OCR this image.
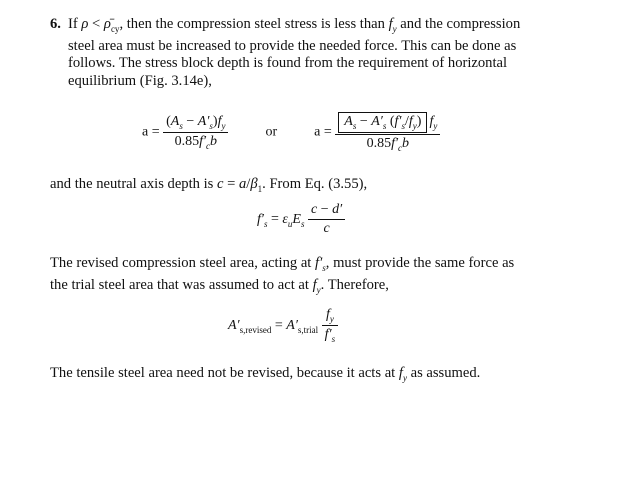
6. If $\rho < \rhō_{cy}$, then the compression steel stress is less than $f_y$ and the compression
steel area must be increased to provide the needed force. This can be done as
follows. The stress block depth is found from the requirement of horizontal
equilibrium (Fig. 3.14e),
$a = \frac{(A_s - A'_s)f_y}{0.85f'_cb}$	or	$a = \frac{A_s - A'_s (f'_s/f_y) f_y}{0.85f'_cb}$
and the neutral axis depth is $c = a/\beta_1$. From Eq. (3.55),
$f'_s = \varepsilon_uE_s \frac{c - d'}{c}$
The revised compression steel area, acting at $f'_s$, must provide the same force as
the trial steel area that was assumed to act at $f_y$. Therefore,
$A'_{s,revised} = A'_{s,trial} \frac{f_y}{f'_s}$
The tensile steel area need not be revised, because it acts at $f_y$ as assumed.
